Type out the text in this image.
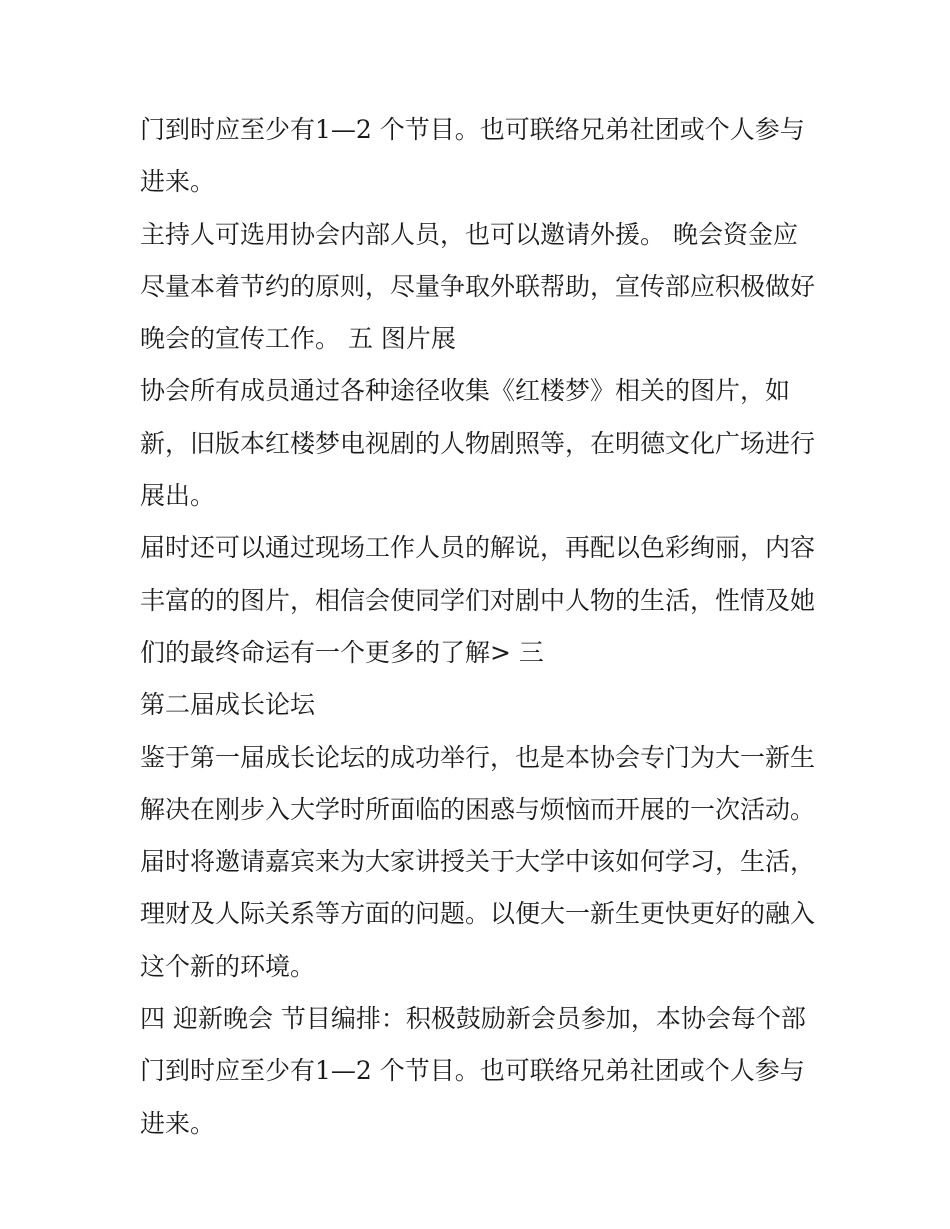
门到时应至少有1—2 个节目。也可联络兄弟社团或个人参与

进来。

主持人可选用协会内部人员，也可以邀请外援。 晚会资金应

尽量本着节约的原则，尽量争取外联帮助，宣传部应积极做好

晚会的宣传工作。 五 图片展

协会所有成员通过各种途径收集《红楼梦》相关的图片，如

新，旧版本红楼梦电视剧的人物剧照等，在明德文化广场进行

展出。

届时还可以通过现场工作人员的解说，再配以色彩绚丽，内容

丰富的的图片，相信会使同学们对剧中人物的生活，性情及她

们的最终命运有一个更多的了解> 三

第二届成长论坛

鉴于第一届成长论坛的成功举行，也是本协会专门为大一新生

解决在刚步入大学时所面临的困惑与烦恼而开展的一次活动。

届时将邀请嘉宾来为大家讲授关于大学中该如何学习，生活，

理财及人际关系等方面的问题。以便大一新生更快更好的融入

这个新的环境。

四 迎新晚会 节目编排：积极鼓励新会员参加，本协会每个部

门到时应至少有1—2 个节目。也可联络兄弟社团或个人参与

进来。
